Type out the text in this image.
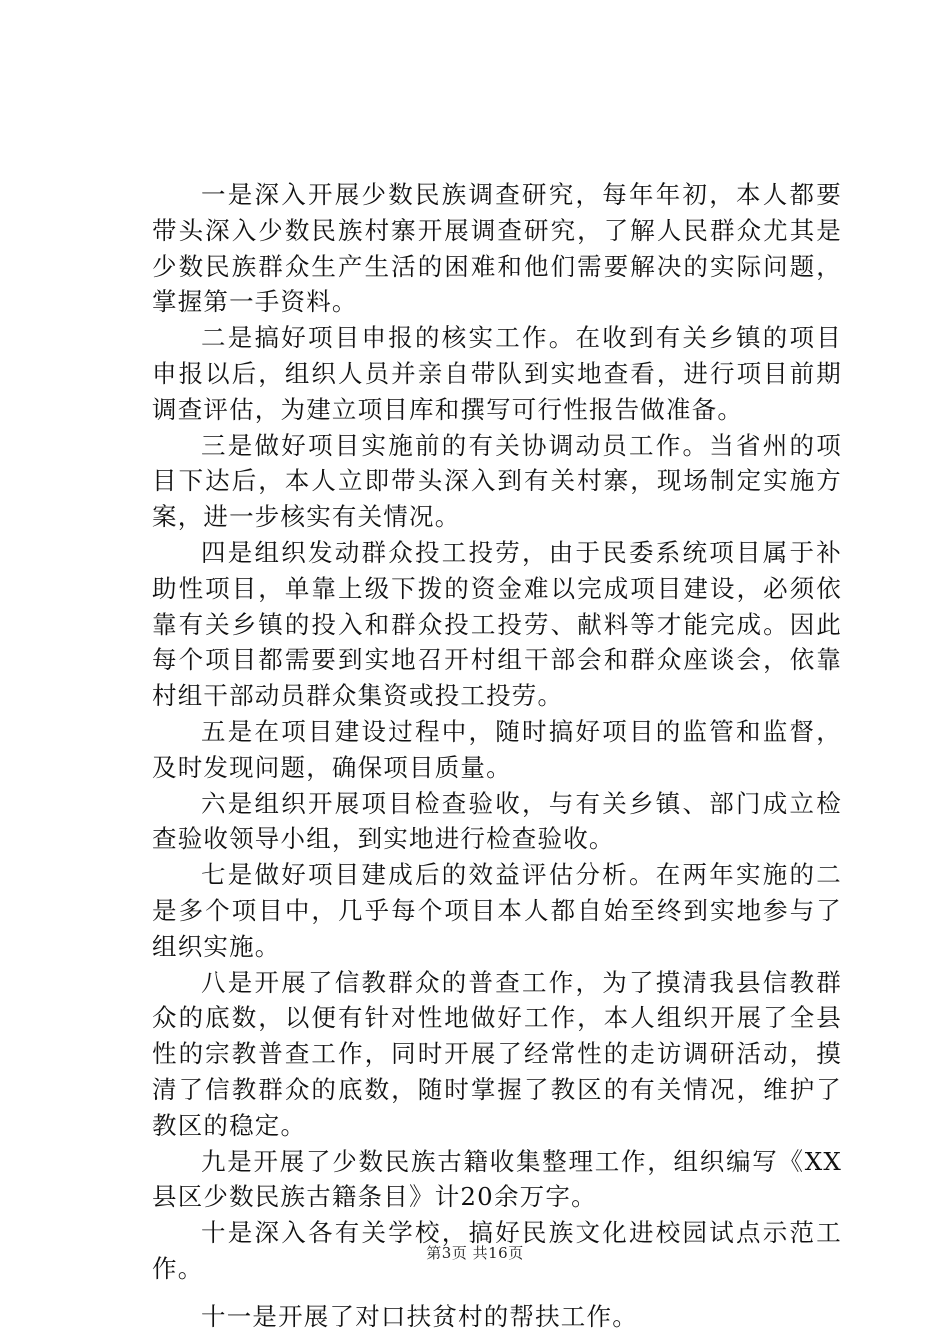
一是深入开展少数民族调查研究，每年年初，本人都要带头深入少数民族村寨开展调查研究，了解人民群众尤其是少数民族群众生产生活的困难和他们需要解决的实际问题，掌握第一手资料。

二是搞好项目申报的核实工作。在收到有关乡镇的项目申报以后，组织人员并亲自带队到实地查看，进行项目前期调查评估，为建立项目库和撰写可行性报告做准备。

三是做好项目实施前的有关协调动员工作。当省州的项目下达后，本人立即带头深入到有关村寨，现场制定实施方案，进一步核实有关情况。

四是组织发动群众投工投劳，由于民委系统项目属于补助性项目，单靠上级下拨的资金难以完成项目建设，必须依靠有关乡镇的投入和群众投工投劳、献料等才能完成。因此每个项目都需要到实地召开村组干部会和群众座谈会，依靠村组干部动员群众集资或投工投劳。

五是在项目建设过程中，随时搞好项目的监管和监督，及时发现问题，确保项目质量。

六是组织开展项目检查验收，与有关乡镇、部门成立检查验收领导小组，到实地进行检查验收。

七是做好项目建成后的效益评估分析。在两年实施的二是多个项目中，几乎每个项目本人都自始至终到实地参与了组织实施。

八是开展了信教群众的普查工作，为了摸清我县信教群众的底数，以便有针对性地做好工作，本人组织开展了全县性的宗教普查工作，同时开展了经常性的走访调研活动，摸清了信教群众的底数，随时掌握了教区的有关情况，维护了教区的稳定。

九是开展了少数民族古籍收集整理工作，组织编写《XX县区少数民族古籍条目》计20余万字。

十是深入各有关学校，搞好民族文化进校园试点示范工作。

十一是开展了对口扶贫村的帮扶工作。

第3页 共16页
